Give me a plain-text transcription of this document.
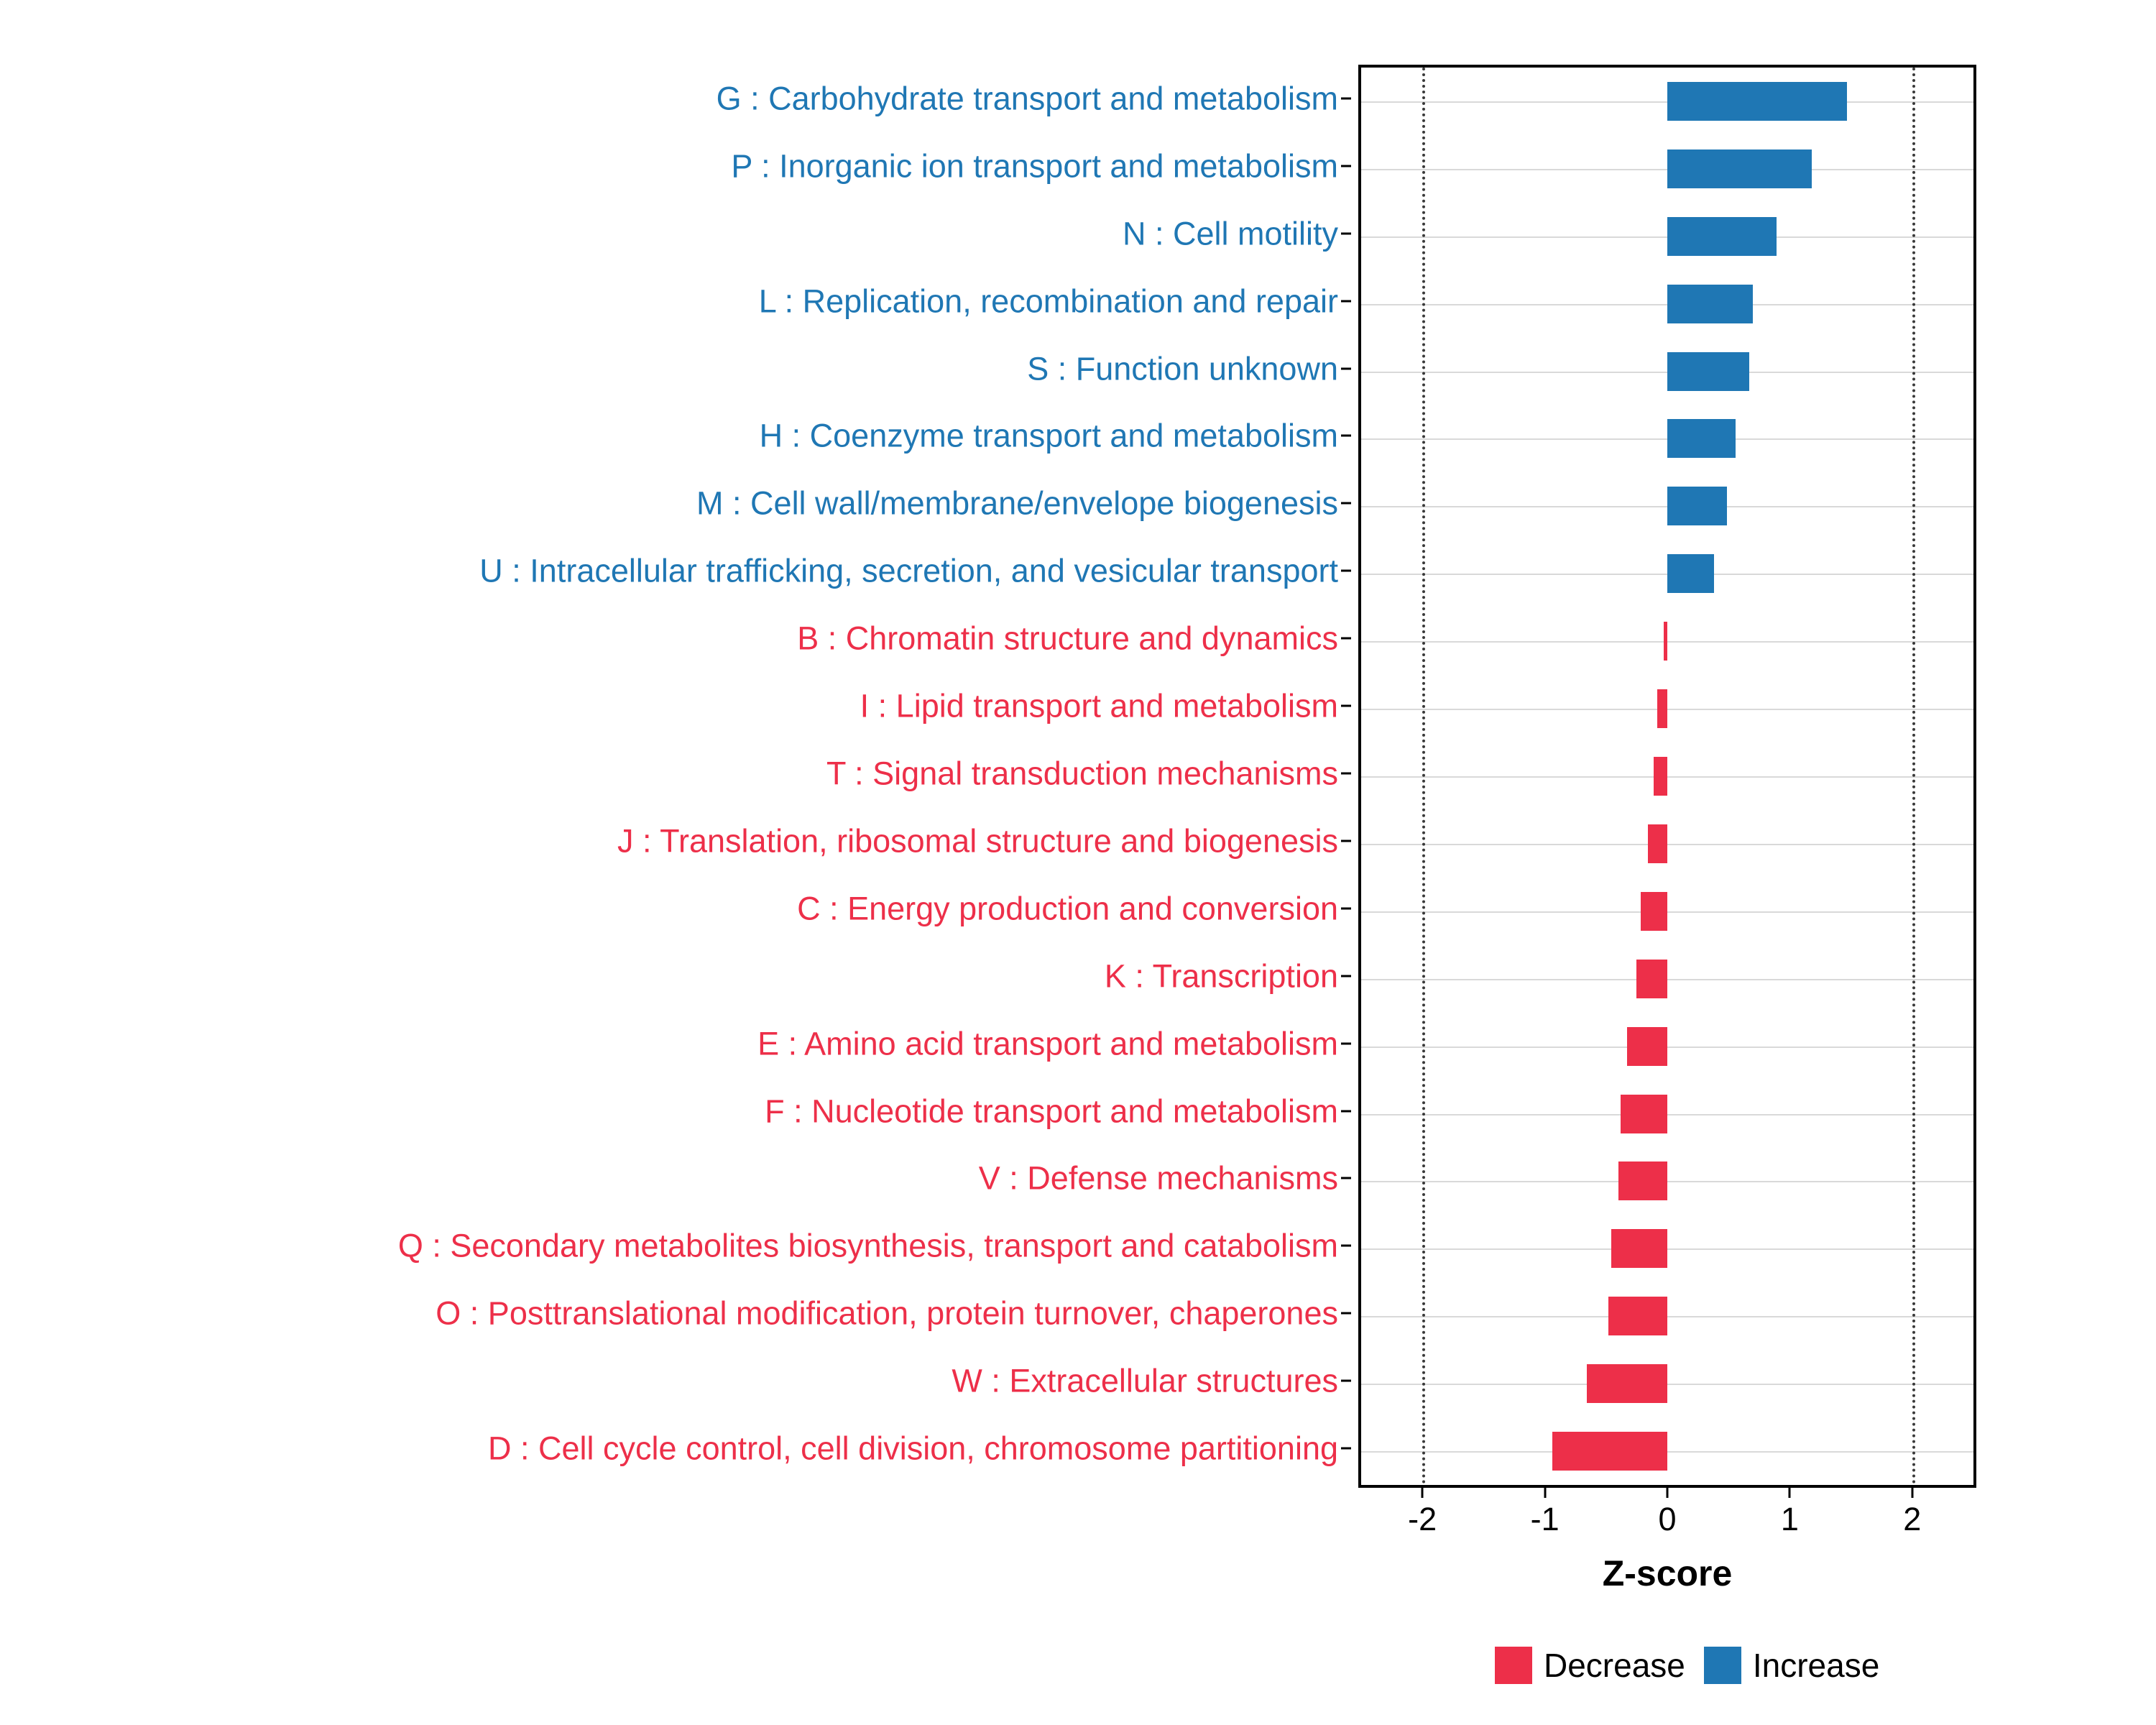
G : Carbohydrate transport and metabolism
P : Inorganic ion transport and metabolism
N : Cell motility
L : Replication, recombination and repair
S : Function unknown
H : Coenzyme transport and metabolism
M : Cell wall/membrane/envelope biogenesis
U : Intracellular trafficking, secretion, and vesicular transport
B : Chromatin structure and dynamics
I : Lipid transport and metabolism
T : Signal transduction mechanisms
J : Translation, ribosomal structure and biogenesis
C : Energy production and conversion
K : Transcription
E : Amino acid transport and metabolism
F : Nucleotide transport and metabolism
V : Defense mechanisms
Q : Secondary metabolites biosynthesis, transport and catabolism
O : Posttranslational modification, protein turnover, chaperones
W : Extracellular structures
D : Cell cycle control, cell division, chromosome partitioning
-2	-1	0	1	2
Z-score
Decrease Increase
